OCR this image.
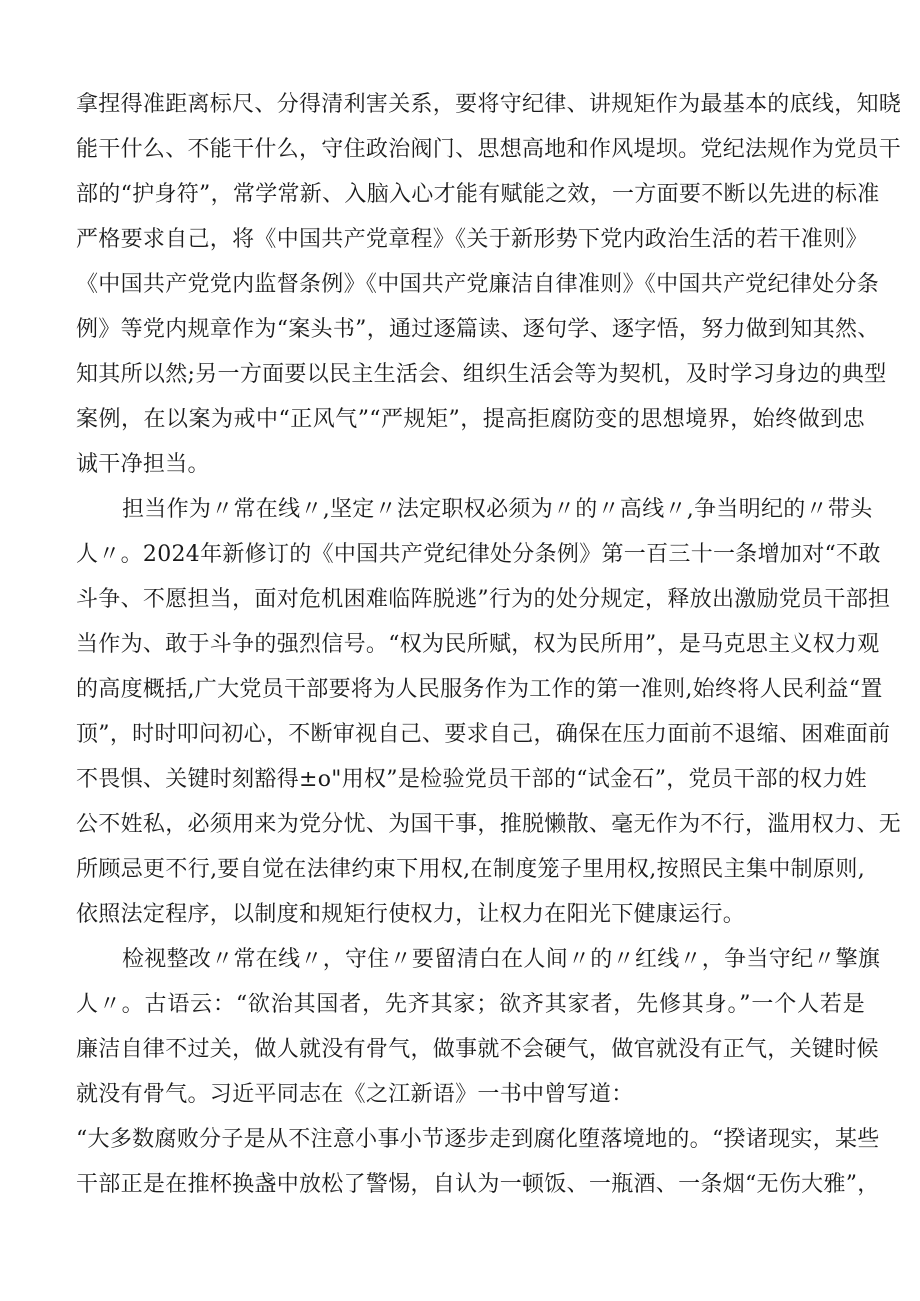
拿捏得准距离标尺、分得清利害关系，要将守纪律、讲规矩作为最基本的底线，知晓
能干什么、不能干什么，守住政治阀门、思想高地和作风堤坝。党纪法规作为党员干
部的“护身符”，常学常新、入脑入心才能有赋能之效，一方面要不断以先进的标准
严格要求自己，将《中国共产党章程》《关于新形势下党内政治生活的若干准则》
《中国共产党党内监督条例》《中国共产党廉洁自律准则》《中国共产党纪律处分条
例》等党内规章作为“案头书”，通过逐篇读、逐句学、逐字悟，努力做到知其然、
知其所以然;另一方面要以民主生活会、组织生活会等为契机，及时学习身边的典型
案例，在以案为戒中“正风气”“严规矩”，提高拒腐防变的思想境界，始终做到忠
诚干净担当。
担当作为〃常在线〃,坚定〃法定职权必须为〃的〃高线〃,争当明纪的〃带头
人〃。2024年新修订的《中国共产党纪律处分条例》第一百三十一条增加对“不敢
斗争、不愿担当，面对危机困难临阵脱逃”行为的处分规定，释放出激励党员干部担
当作为、敢于斗争的强烈信号。“权为民所赋，权为民所用”，是马克思主义权力观
的高度概括,广大党员干部要将为人民服务作为工作的第一准则,始终将人民利益“置
顶”，时时叩问初心，不断审视自己、要求自己，确保在压力面前不退缩、困难面前
不畏惧、关键时刻豁得±o"用权”是检验党员干部的“试金石”，党员干部的权力姓
公不姓私，必须用来为党分忧、为国干事，推脱懒散、毫无作为不行，滥用权力、无
所顾忌更不行,要自觉在法律约束下用权,在制度笼子里用权,按照民主集中制原则,
依照法定程序，以制度和规矩行使权力，让权力在阳光下健康运行。
检视整改〃常在线〃，守住〃要留清白在人间〃的〃红线〃，争当守纪〃擎旗
人〃。古语云：“欲治其国者，先齐其家；欲齐其家者，先修其身。”一个人若是
廉洁自律不过关，做人就没有骨气，做事就不会硬气，做官就没有正气，关键时候
就没有骨气。习近平同志在《之江新语》一书中曾写道：
“大多数腐败分子是从不注意小事小节逐步走到腐化堕落境地的。“揆诸现实，某些
干部正是在推杯换盏中放松了警惕，自认为一顿饭、一瓶酒、一条烟“无伤大雅”，
